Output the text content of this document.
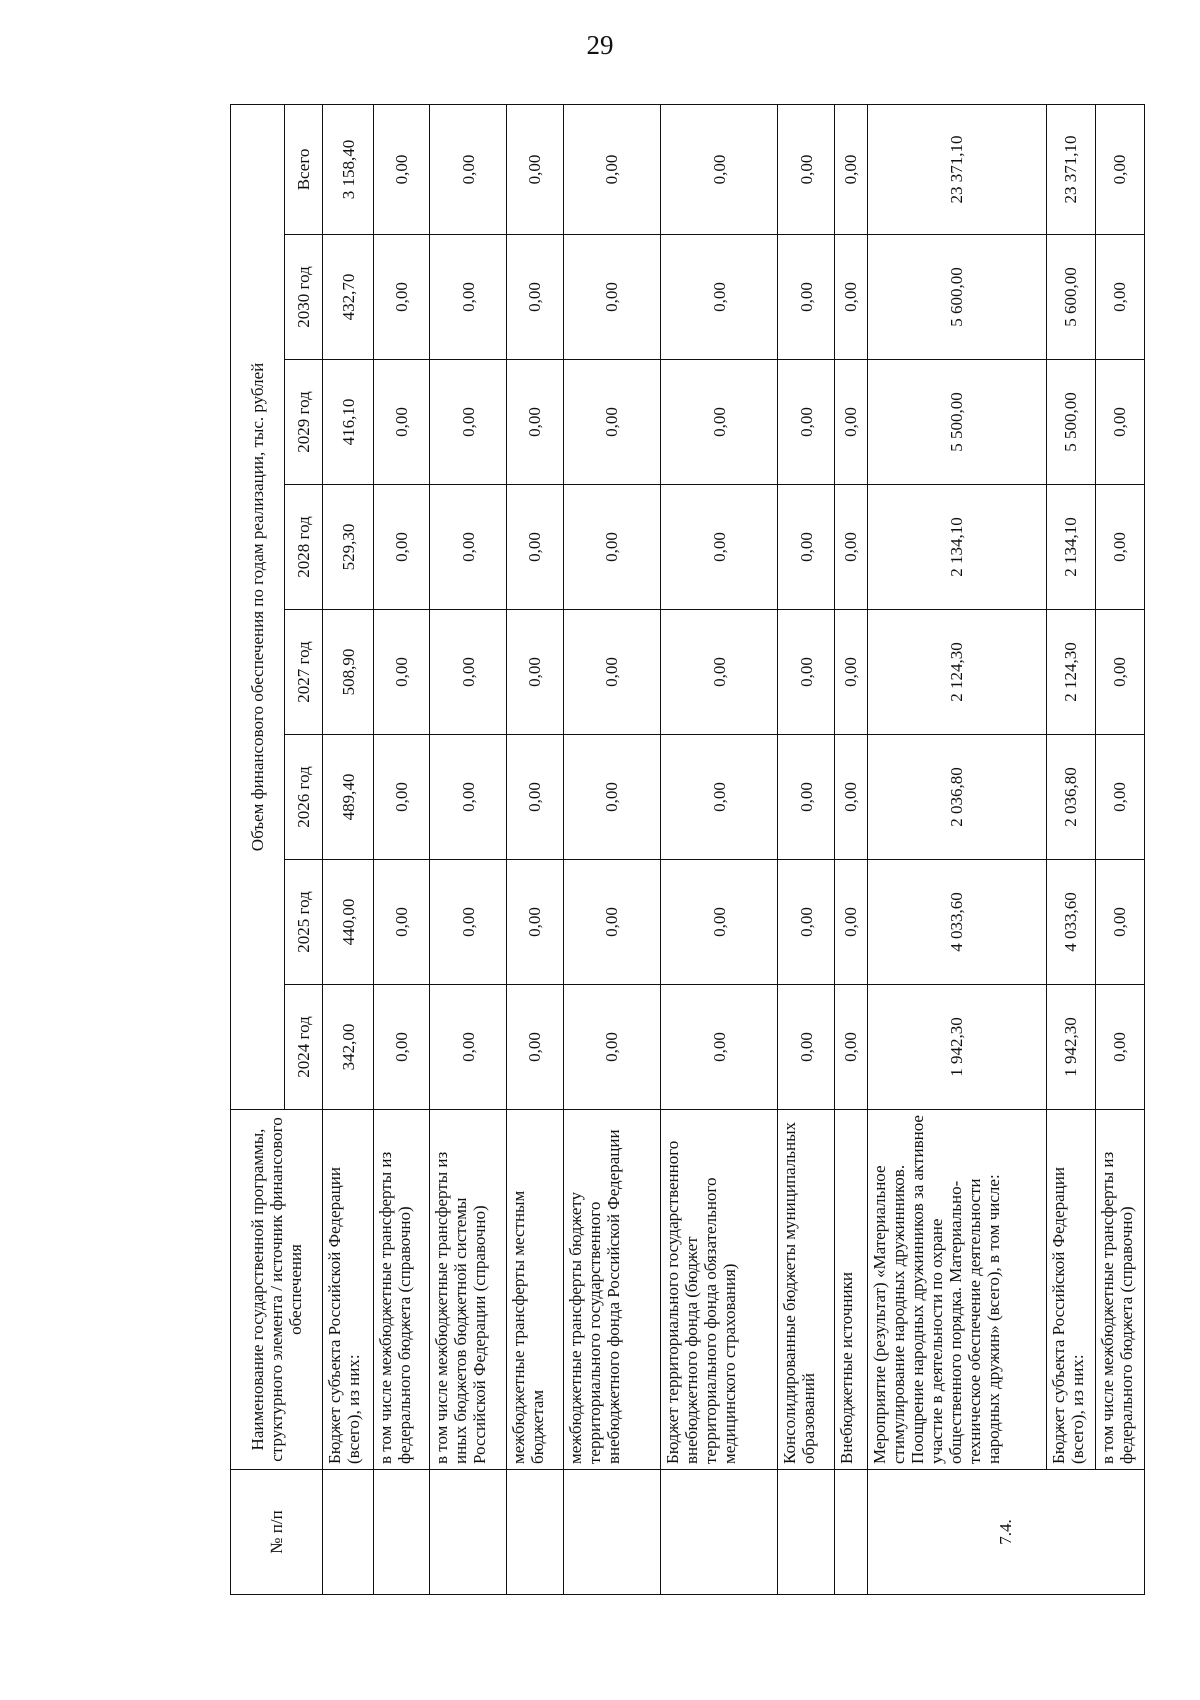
29
№ п/п	Наименование государственной программы, структурного элемента / источник финансового обеспечения	Объем финансового обеспечения по годам реализации, тыс. рублей							
		2024 год	2025 год	2026 год	2027 год	2028 год	2029 год	2030 год	Всего
	Бюджет субъекта Российской Федерации (всего), из них:	342,00	440,00	489,40	508,90	529,30	416,10	432,70	3 158,40
	в том числе межбюджетные трансферты из федерального бюджета (справочно)	0,00	0,00	0,00	0,00	0,00	0,00	0,00	0,00
	в том числе межбюджетные трансферты из иных бюджетов бюджетной системы Российской Федерации (справочно)	0,00	0,00	0,00	0,00	0,00	0,00	0,00	0,00
	межбюджетные трансферты местным бюджетам	0,00	0,00	0,00	0,00	0,00	0,00	0,00	0,00
	межбюджетные трансферты бюджету территориального государственного внебюджетного фонда Российской Федерации	0,00	0,00	0,00	0,00	0,00	0,00	0,00	0,00
	Бюджет территориального государственного внебюджетного фонда (бюджет территориального фонда обязательного медицинского страхования)	0,00	0,00	0,00	0,00	0,00	0,00	0,00	0,00
	Консолидированные бюджеты муниципальных образований	0,00	0,00	0,00	0,00	0,00	0,00	0,00	0,00
	Внебюджетные источники	0,00	0,00	0,00	0,00	0,00	0,00	0,00	0,00
7.4.	Мероприятие (результат) «Материальное стимулирование народных дружинников. Поощрение народных дружинников за активное участие в деятельности по охране общественного порядка. Материально-техническое обеспечение деятельности народных дружин» (всего), в том числе:	1 942,30	4 033,60	2 036,80	2 124,30	2 134,10	5 500,00	5 600,00	23 371,10
	Бюджет субъекта Российской Федерации (всего), из них:	1 942,30	4 033,60	2 036,80	2 124,30	2 134,10	5 500,00	5 600,00	23 371,10
	в том числе межбюджетные трансферты из федерального бюджета (справочно)	0,00	0,00	0,00	0,00	0,00	0,00	0,00	0,00
